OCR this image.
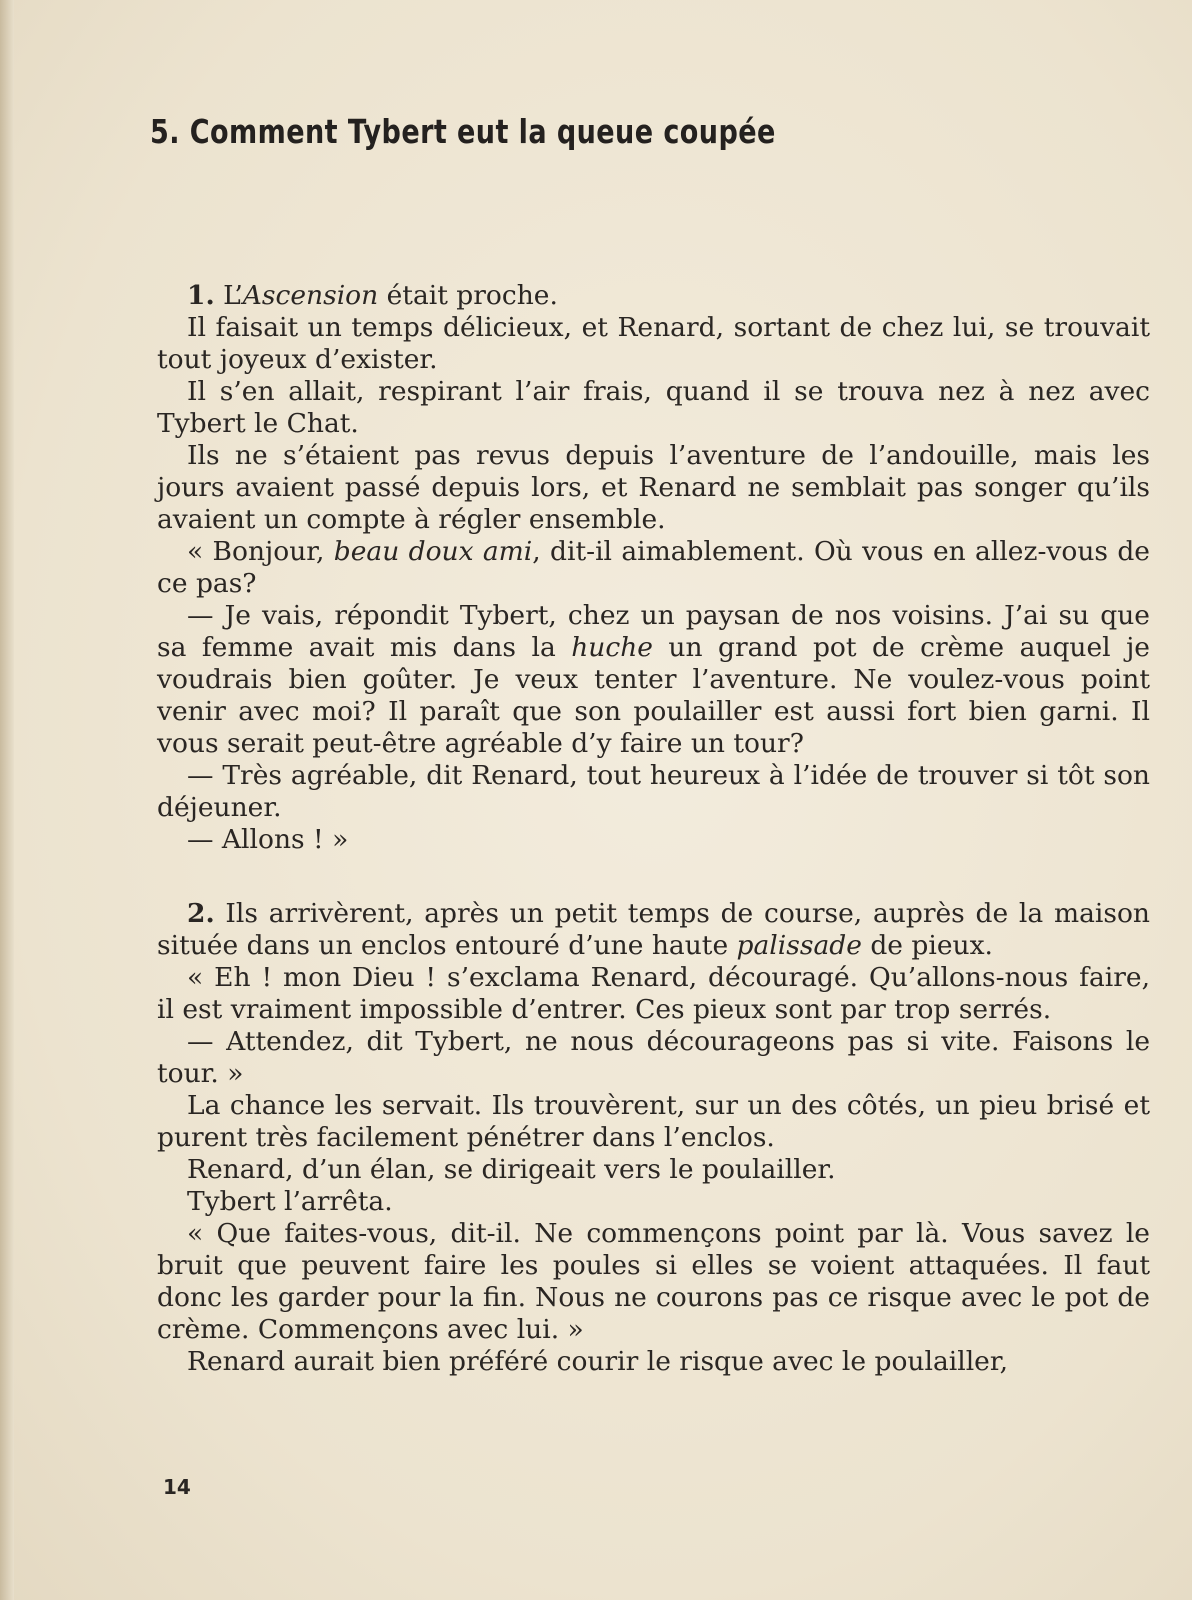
5. Comment Tybert eut la queue coupée

1. L’Ascension était proche.

Il faisait un temps délicieux, et Renard, sortant de chez lui, se trouvait tout joyeux d’exister.

Il s’en allait, respirant l’air frais, quand il se trouva nez à nez avec Tybert le Chat.

Ils ne s’étaient pas revus depuis l’aventure de l’andouille, mais les jours avaient passé depuis lors, et Renard ne semblait pas songer qu’ils avaient un compte à régler ensemble.

« Bonjour, beau doux ami, dit-il aimablement. Où vous en allez-vous de ce pas?

— Je vais, répondit Tybert, chez un paysan de nos voisins. J’ai su que sa femme avait mis dans la huche un grand pot de crème auquel je voudrais bien goûter. Je veux tenter l’aventure. Ne voulez-vous point venir avec moi? Il paraît que son poulailler est aussi fort bien garni. Il vous serait peut-être agréable d’y faire un tour?

— Très agréable, dit Renard, tout heureux à l’idée de trouver si tôt son déjeuner.

— Allons ! »

2. Ils arrivèrent, après un petit temps de course, auprès de la maison située dans un enclos entouré d’une haute palissade de pieux.

« Eh ! mon Dieu ! s’exclama Renard, découragé. Qu’allons-nous faire, il est vraiment impossible d’entrer. Ces pieux sont par trop serrés.

— Attendez, dit Tybert, ne nous décourageons pas si vite. Faisons le tour. »

La chance les servait. Ils trouvèrent, sur un des côtés, un pieu brisé et purent très facilement pénétrer dans l’enclos.

Renard, d’un élan, se dirigeait vers le poulailler.

Tybert l’arrêta.

« Que faites-vous, dit-il. Ne commençons point par là. Vous savez le bruit que peuvent faire les poules si elles se voient attaquées. Il faut donc les garder pour la fin. Nous ne courons pas ce risque avec le pot de crème. Commençons avec lui. »

Renard aurait bien préféré courir le risque avec le poulailler,

14
